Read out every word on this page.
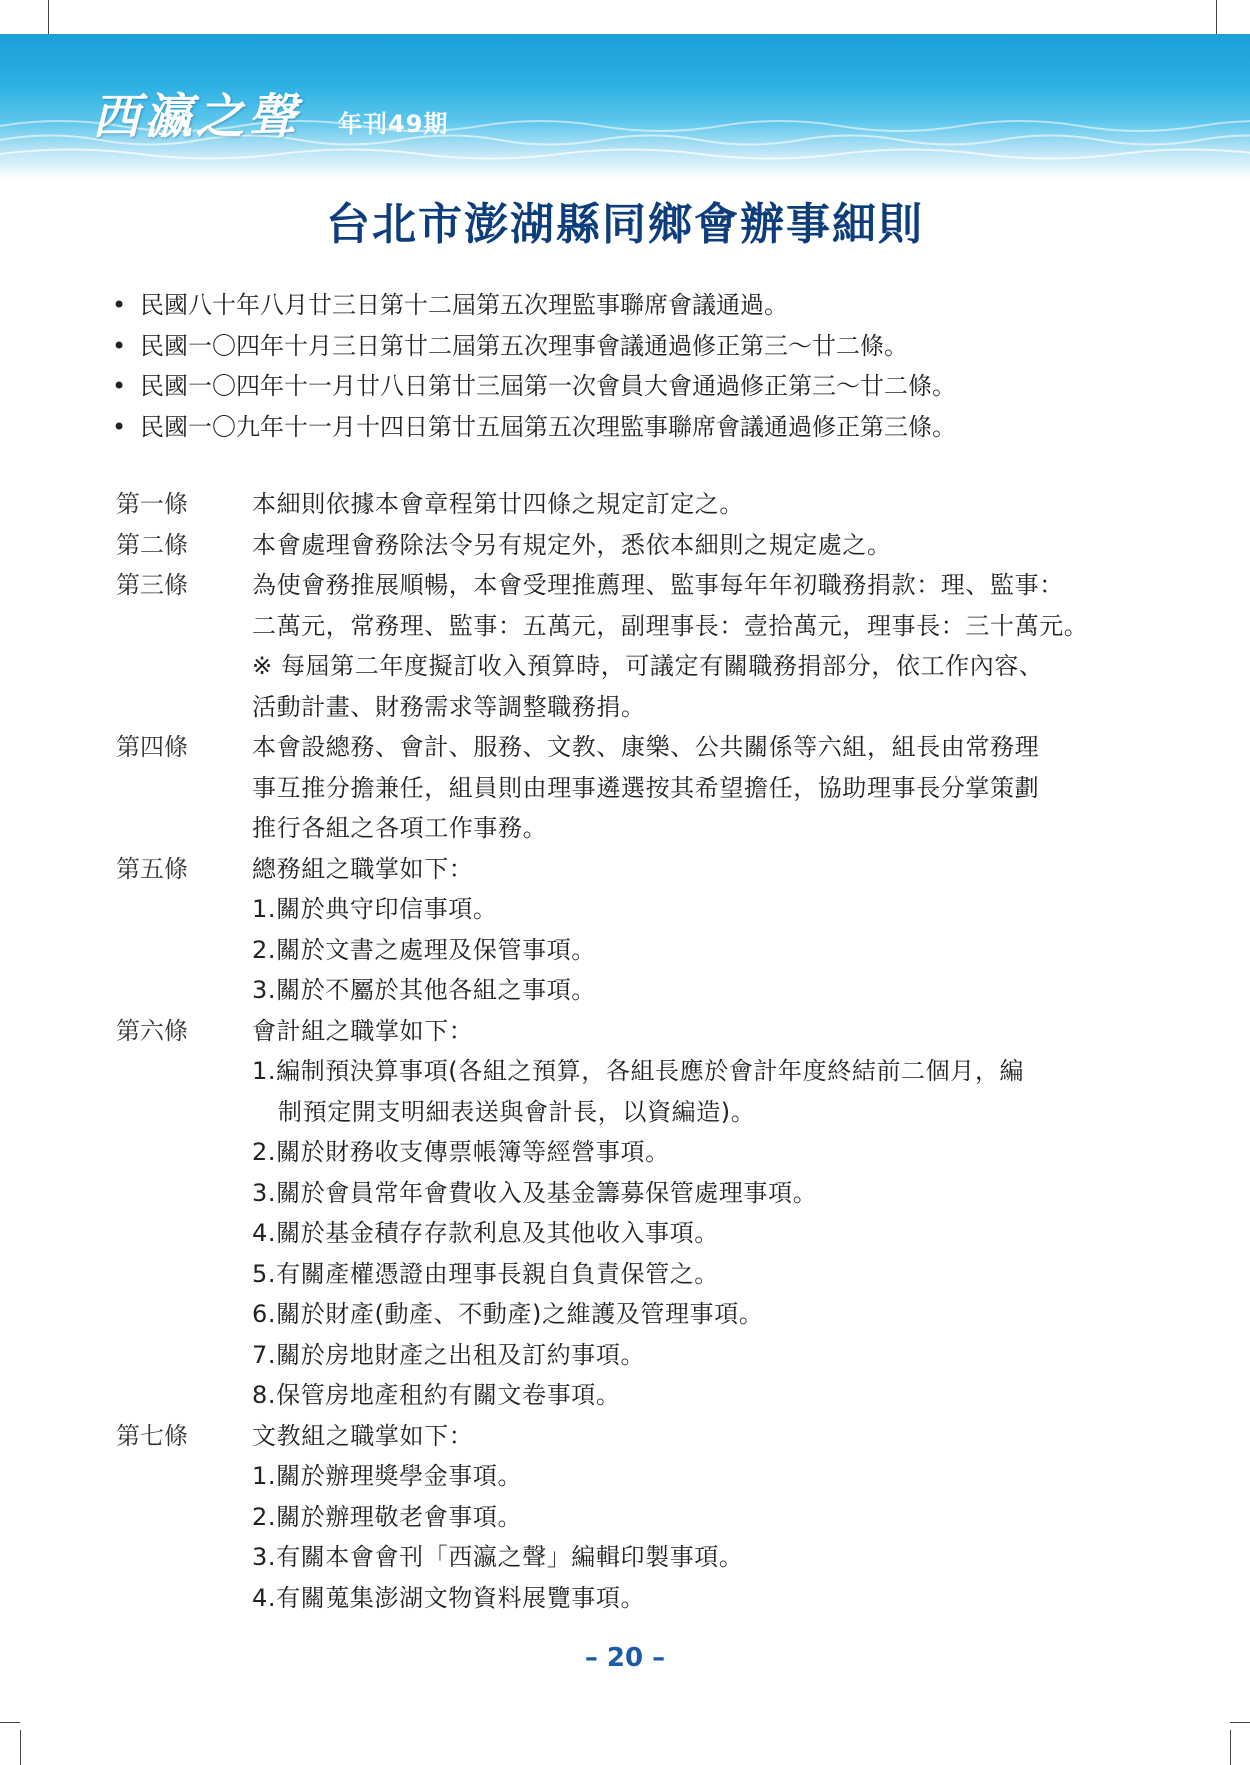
西瀛之聲 年刊49期
台北市澎湖縣同鄉會辦事細則
• 民國八十年八月廿三日第十二屆第五次理監事聯席會議通過。
• 民國一〇四年十月三日第廿二屆第五次理事會議通過修正第三～廿二條。
• 民國一〇四年十一月廿八日第廿三屆第一次會員大會通過修正第三～廿二條。
• 民國一〇九年十一月十四日第廿五屆第五次理監事聯席會議通過修正第三條。
第一條	本細則依據本會章程第廿四條之規定訂定之。
第二條	本會處理會務除法令另有規定外，悉依本細則之規定處之。
第三條	為使會務推展順暢，本會受理推薦理、監事每年年初職務捐款：理、監事：
二萬元，常務理、監事：五萬元，副理事長：壹拾萬元，理事長：三十萬元。
※ 每屆第二年度擬訂收入預算時，可議定有關職務捐部分，依工作內容、
活動計畫、財務需求等調整職務捐。
第四條	本會設總務、會計、服務、文教、康樂、公共關係等六組，組長由常務理
事互推分擔兼任，組員則由理事遴選按其希望擔任，協助理事長分掌策劃
推行各組之各項工作事務。
第五條	總務組之職掌如下：
1.關於典守印信事項。
2.關於文書之處理及保管事項。
3.關於不屬於其他各組之事項。
第六條	會計組之職掌如下：
1.編制預決算事項(各組之預算，各組長應於會計年度終結前二個月，編
制預定開支明細表送與會計長，以資編造)。
2.關於財務收支傳票帳簿等經營事項。
3.關於會員常年會費收入及基金籌募保管處理事項。
4.關於基金積存存款利息及其他收入事項。
5.有關產權憑證由理事長親自負責保管之。
6.關於財產(動產、不動產)之維護及管理事項。
7.關於房地財產之出租及訂約事項。
8.保管房地產租約有關文卷事項。
第七條	文教組之職掌如下：
1.關於辦理獎學金事項。
2.關於辦理敬老會事項。
3.有關本會會刊「西瀛之聲」編輯印製事項。
4.有關蒐集澎湖文物資料展覽事項。
– 20 –
